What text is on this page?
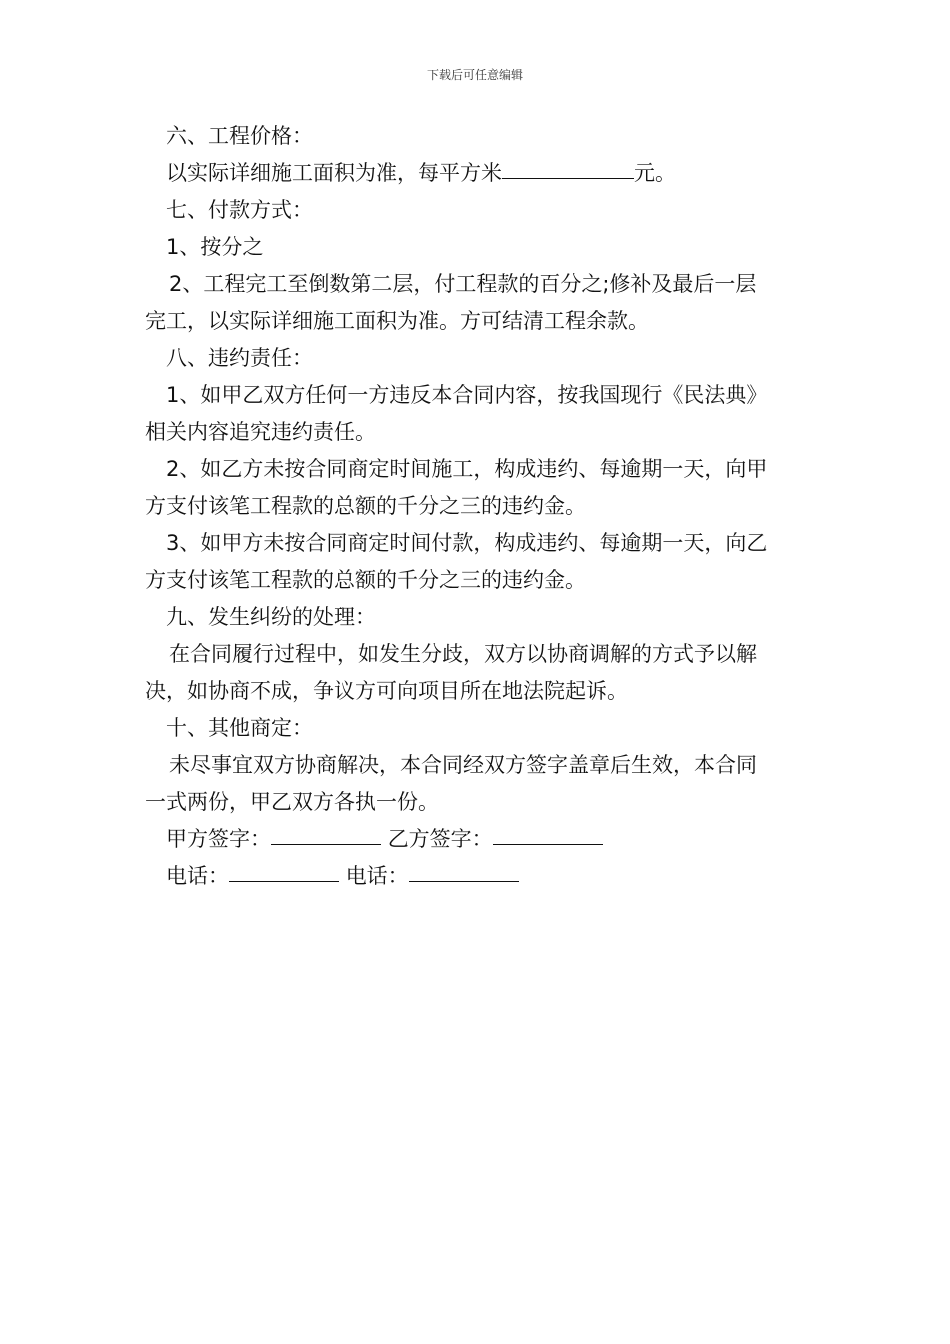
下载后可任意编辑
六、工程价格：
以实际详细施工面积为准，每平方米	元。
七、付款方式：
1、按分之
2、工程完工至倒数第二层，付工程款的百分之;修补及最后一层
完工，以实际详细施工面积为准。方可结清工程余款。
八、违约责任：
1、如甲乙双方任何一方违反本合同内容，按我国现行《民法典》
相关内容追究违约责任。
2、如乙方未按合同商定时间施工，构成违约、每逾期一天，向甲
方支付该笔工程款的总额的千分之三的违约金。
3、如甲方未按合同商定时间付款，构成违约、每逾期一天，向乙
方支付该笔工程款的总额的千分之三的违约金。
九、发生纠纷的处理：
在合同履行过程中，如发生分歧，双方以协商调解的方式予以解
决，如协商不成，争议方可向项目所在地法院起诉。
十、其他商定：
未尽事宜双方协商解决，本合同经双方签字盖章后生效，本合同
一式两份，甲乙双方各执一份。
甲方签字：	乙方签字：
电话：	电话：
